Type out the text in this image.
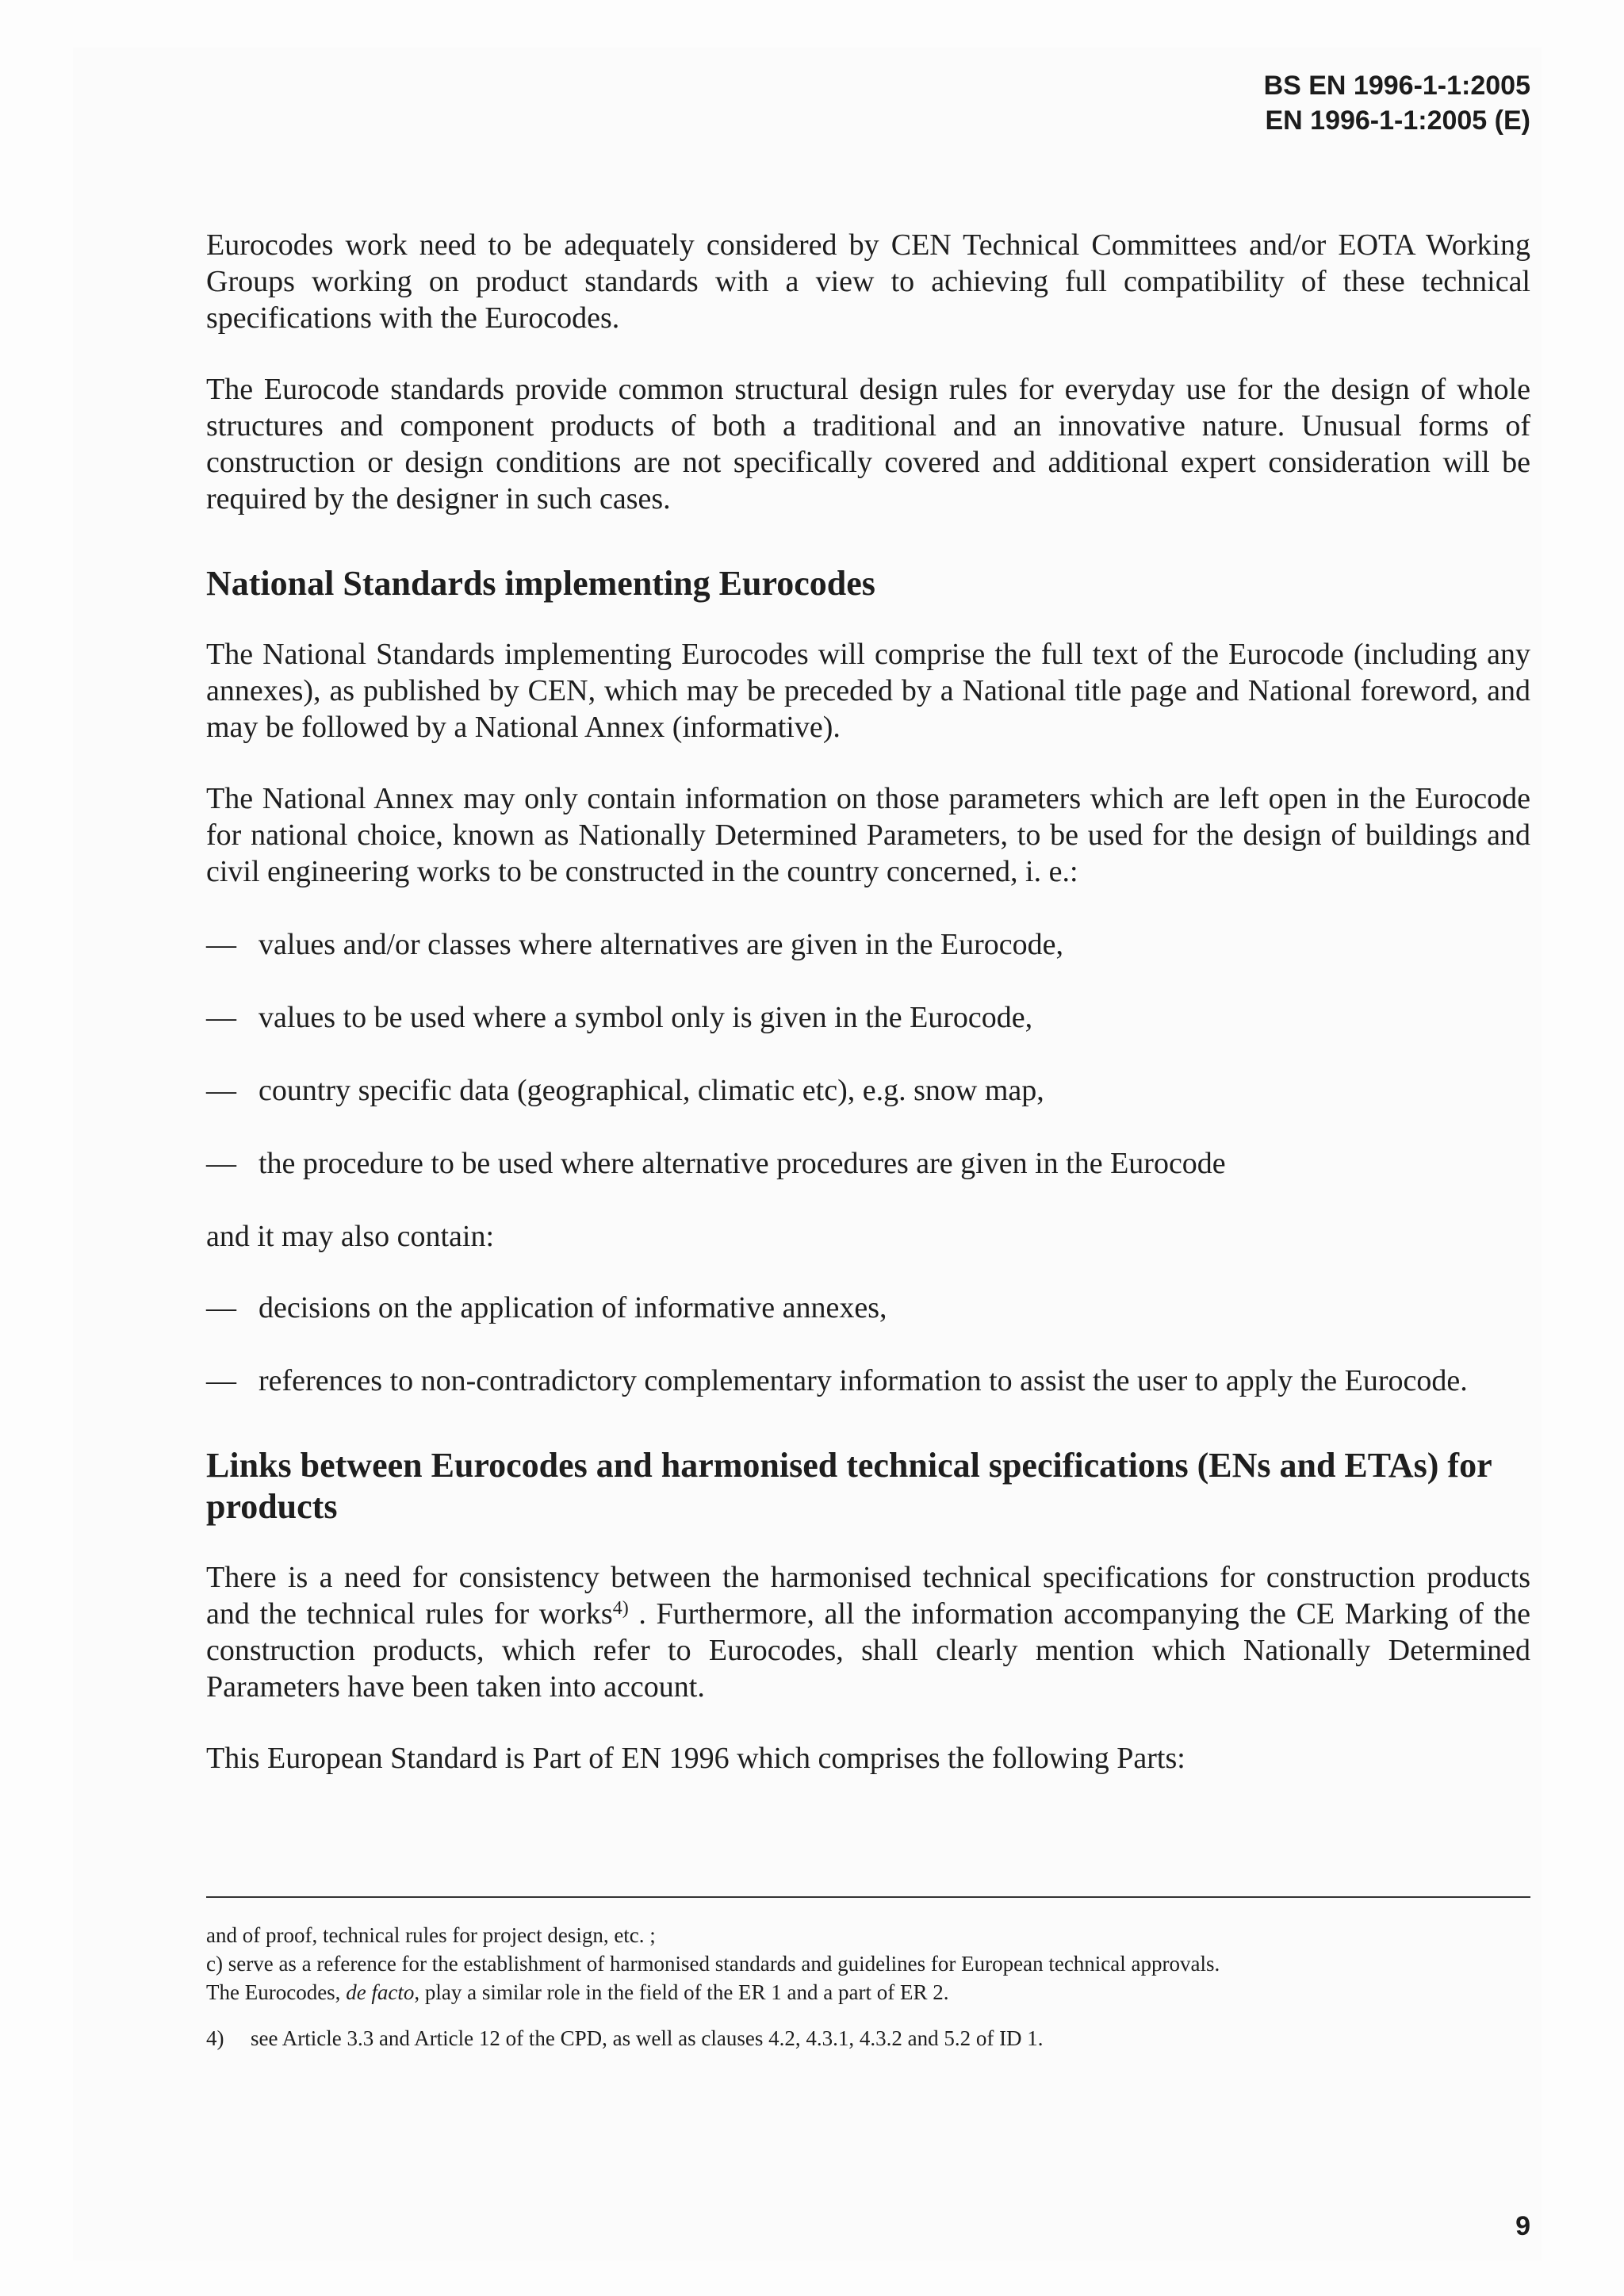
BS EN 1996-1-1:2005
EN 1996-1-1:2005 (E)

Eurocodes work need to be adequately considered by CEN Technical Committees and/or EOTA Working Groups working on product standards with a view to achieving full compatibility of these technical specifications with the Eurocodes.

The Eurocode standards provide common structural design rules for everyday use for the design of whole structures and component products of both a traditional and an innovative nature. Unusual forms of construction or design conditions are not specifically covered and additional expert consideration will be required by the designer in such cases.

National Standards implementing Eurocodes

The National Standards implementing Eurocodes will comprise the full text of the Eurocode (including any annexes), as published by CEN, which may be preceded by a National title page and National foreword, and may be followed by a National Annex (informative).

The National Annex may only contain information on those parameters which are left open in the Eurocode for national choice, known as Nationally Determined Parameters, to be used for the design of buildings and civil engineering works to be constructed in the country concerned, i. e.:

— values and/or classes where alternatives are given in the Eurocode,
— values to be used where a symbol only is given in the Eurocode,
— country specific data (geographical, climatic etc), e.g. snow map,
— the procedure to be used where alternative procedures are given in the Eurocode

and it may also contain:

— decisions on the application of informative annexes,
— references to non-contradictory complementary information to assist the user to apply the Eurocode.
Links between Eurocodes and harmonised technical specifications (ENs and ETAs) for products

There is a need for consistency between the harmonised technical specifications for construction products and the technical rules for works$^{4)}$ . Furthermore, all the information accompanying the CE Marking of the construction products, which refer to Eurocodes, shall clearly mention which Nationally Determined Parameters have been taken into account.

This European Standard is Part of EN 1996 which comprises the following Parts:

and of proof, technical rules for project design, etc. ;
c) serve as a reference for the establishment of harmonised standards and guidelines for European technical approvals.
The Eurocodes, de facto, play a similar role in the field of the ER 1 and a part of ER 2.
4) see Article 3.3 and Article 12 of the CPD, as well as clauses 4.2, 4.3.1, 4.3.2 and 5.2 of ID 1.
9
